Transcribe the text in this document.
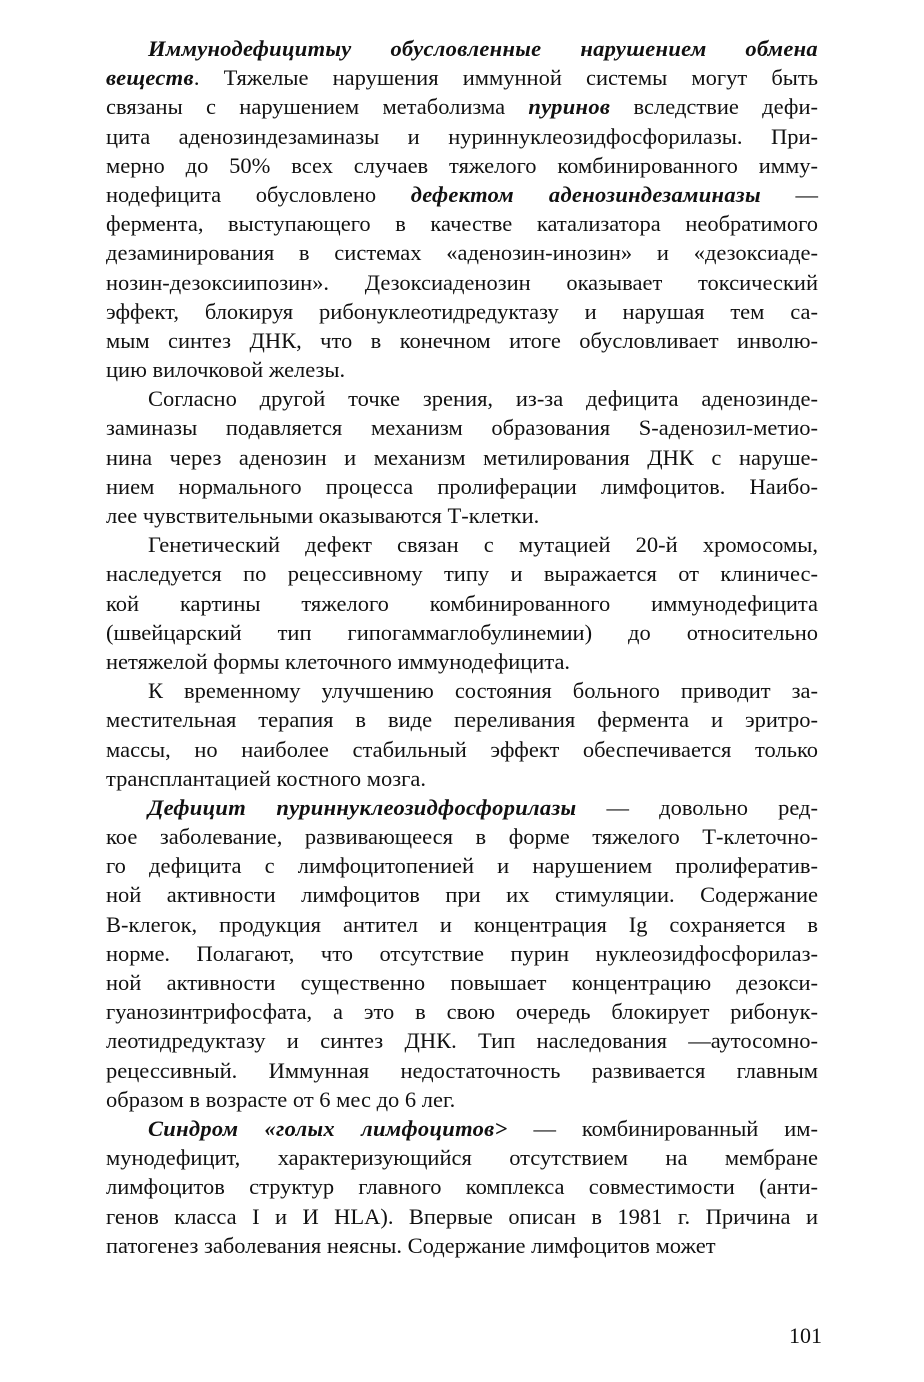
Иммунодефицитыу обусловленные нарушением обмена
веществ. Тяжелые нарушения иммунной системы могут быть
связаны с нарушением метаболизма пуринов вследствие дефи-
цита аденозиндезаминазы и нуриннуклеозидфосфорилазы. При-
мерно до 50% всех случаев тяжелого комбинированного имму-
нодефицита обусловлено дефектом аденозиндезаминазы —
фермента, выступающего в качестве катализатора необратимого
дезаминирования в системах «аденозин-инозин» и «дезоксиаде-
нозин-дезоксиипозин». Дезоксиаденозин оказывает токсический
эффект, блокируя рибонуклеотидредуктазу и нарушая тем са-
мым синтез ДНК, что в конечном итоге обусловливает инволю-
цию вилочковой железы.
Согласно другой точке зрения, из-за дефицита аденозинде-
заминазы подавляется механизм образования S-аденозил-метио-
нина через аденозин и механизм метилирования ДНК с наруше-
нием нормального процесса пролиферации лимфоцитов. Наибо-
лее чувствительными оказываются Т-клетки.
Генетический дефект связан с мутацией 20-й хромосомы,
наследуется по рецессивному типу и выражается от клиничес-
кой картины тяжелого комбинированного иммунодефицита
(швейцарский тип гипогаммаглобулинемии) до относительно
нетяжелой формы клеточного иммунодефицита.
К временному улучшению состояния больного приводит за-
местительная терапия в виде переливания фермента и эритро-
массы, но наиболее стабильный эффект обеспечивается только
трансплантацией костного мозга.
Дефицит пуриннуклеозидфосфорилазы — довольно ред-
кое заболевание, развивающееся в форме тяжелого Т-клеточно-
го дефицита с лимфоцитопенией и нарушением пролифератив-
ной активности лимфоцитов при их стимуляции. Содержание
В-клегок, продукция антител и концентрация Ig сохраняется в
норме. Полагают, что отсутствие пурин нуклеозидфосфорилаз-
ной активности существенно повышает концентрацию дезокси-
гуанозинтрифосфата, а это в свою очередь блокирует рибонук-
леотидредуктазу и синтез ДНК. Тип наследования —аутосомно-
рецессивный. Иммунная недостаточность развивается главным
образом в возрасте от 6 мес до 6 лег.
Синдром «голых лимфоцитов> — комбинированный им-
мунодефицит, характеризующийся отсутствием на мембране
лимфоцитов структур главного комплекса совместимости (анти-
генов класса I и И HLA). Впервые описан в 1981 г. Причина и
патогенез заболевания неясны. Содержание лимфоцитов может
101
